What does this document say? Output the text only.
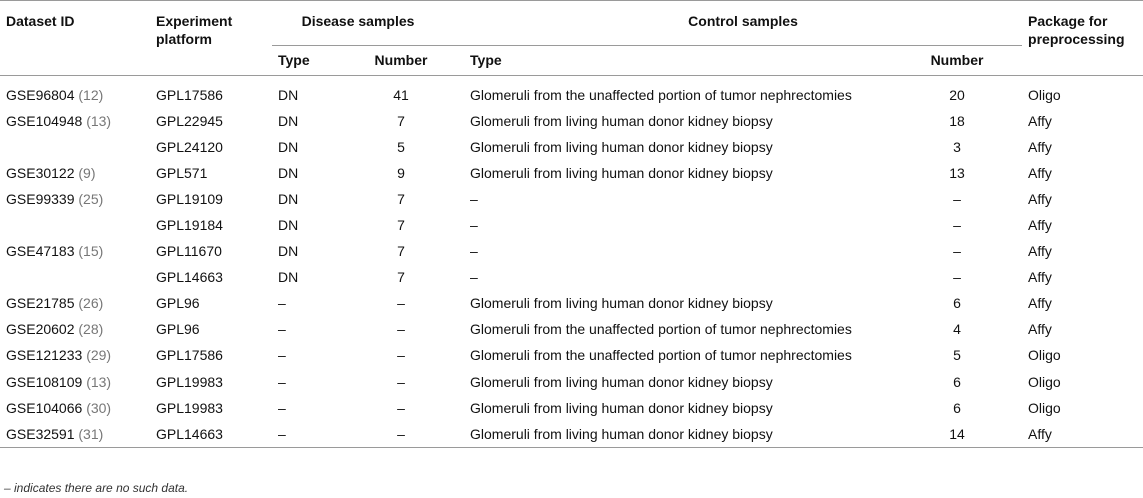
Dataset ID	Experiment platform	Disease samples		Control samples		Package for preprocessing
		Type	Number	Type	Number	
GSE96804 (12)	GPL17586	DN	41	Glomeruli from the unaffected portion of tumor nephrectomies	20	Oligo
GSE104948 (13)	GPL22945	DN	7	Glomeruli from living human donor kidney biopsy	18	Affy
	GPL24120	DN	5	Glomeruli from living human donor kidney biopsy	3	Affy
GSE30122 (9)	GPL571	DN	9	Glomeruli from living human donor kidney biopsy	13	Affy
GSE99339 (25)	GPL19109	DN	7	–	–	Affy
	GPL19184	DN	7	–	–	Affy
GSE47183 (15)	GPL11670	DN	7	–	–	Affy
	GPL14663	DN	7	–	–	Affy
GSE21785 (26)	GPL96	–	–	Glomeruli from living human donor kidney biopsy	6	Affy
GSE20602 (28)	GPL96	–	–	Glomeruli from the unaffected portion of tumor nephrectomies	4	Affy
GSE121233 (29)	GPL17586	–	–	Glomeruli from the unaffected portion of tumor nephrectomies	5	Oligo
GSE108109 (13)	GPL19983	–	–	Glomeruli from living human donor kidney biopsy	6	Oligo
GSE104066 (30)	GPL19983	–	–	Glomeruli from living human donor kidney biopsy	6	Oligo
GSE32591 (31)	GPL14663	–	–	Glomeruli from living human donor kidney biopsy	14	Affy
– indicates there are no such data.
